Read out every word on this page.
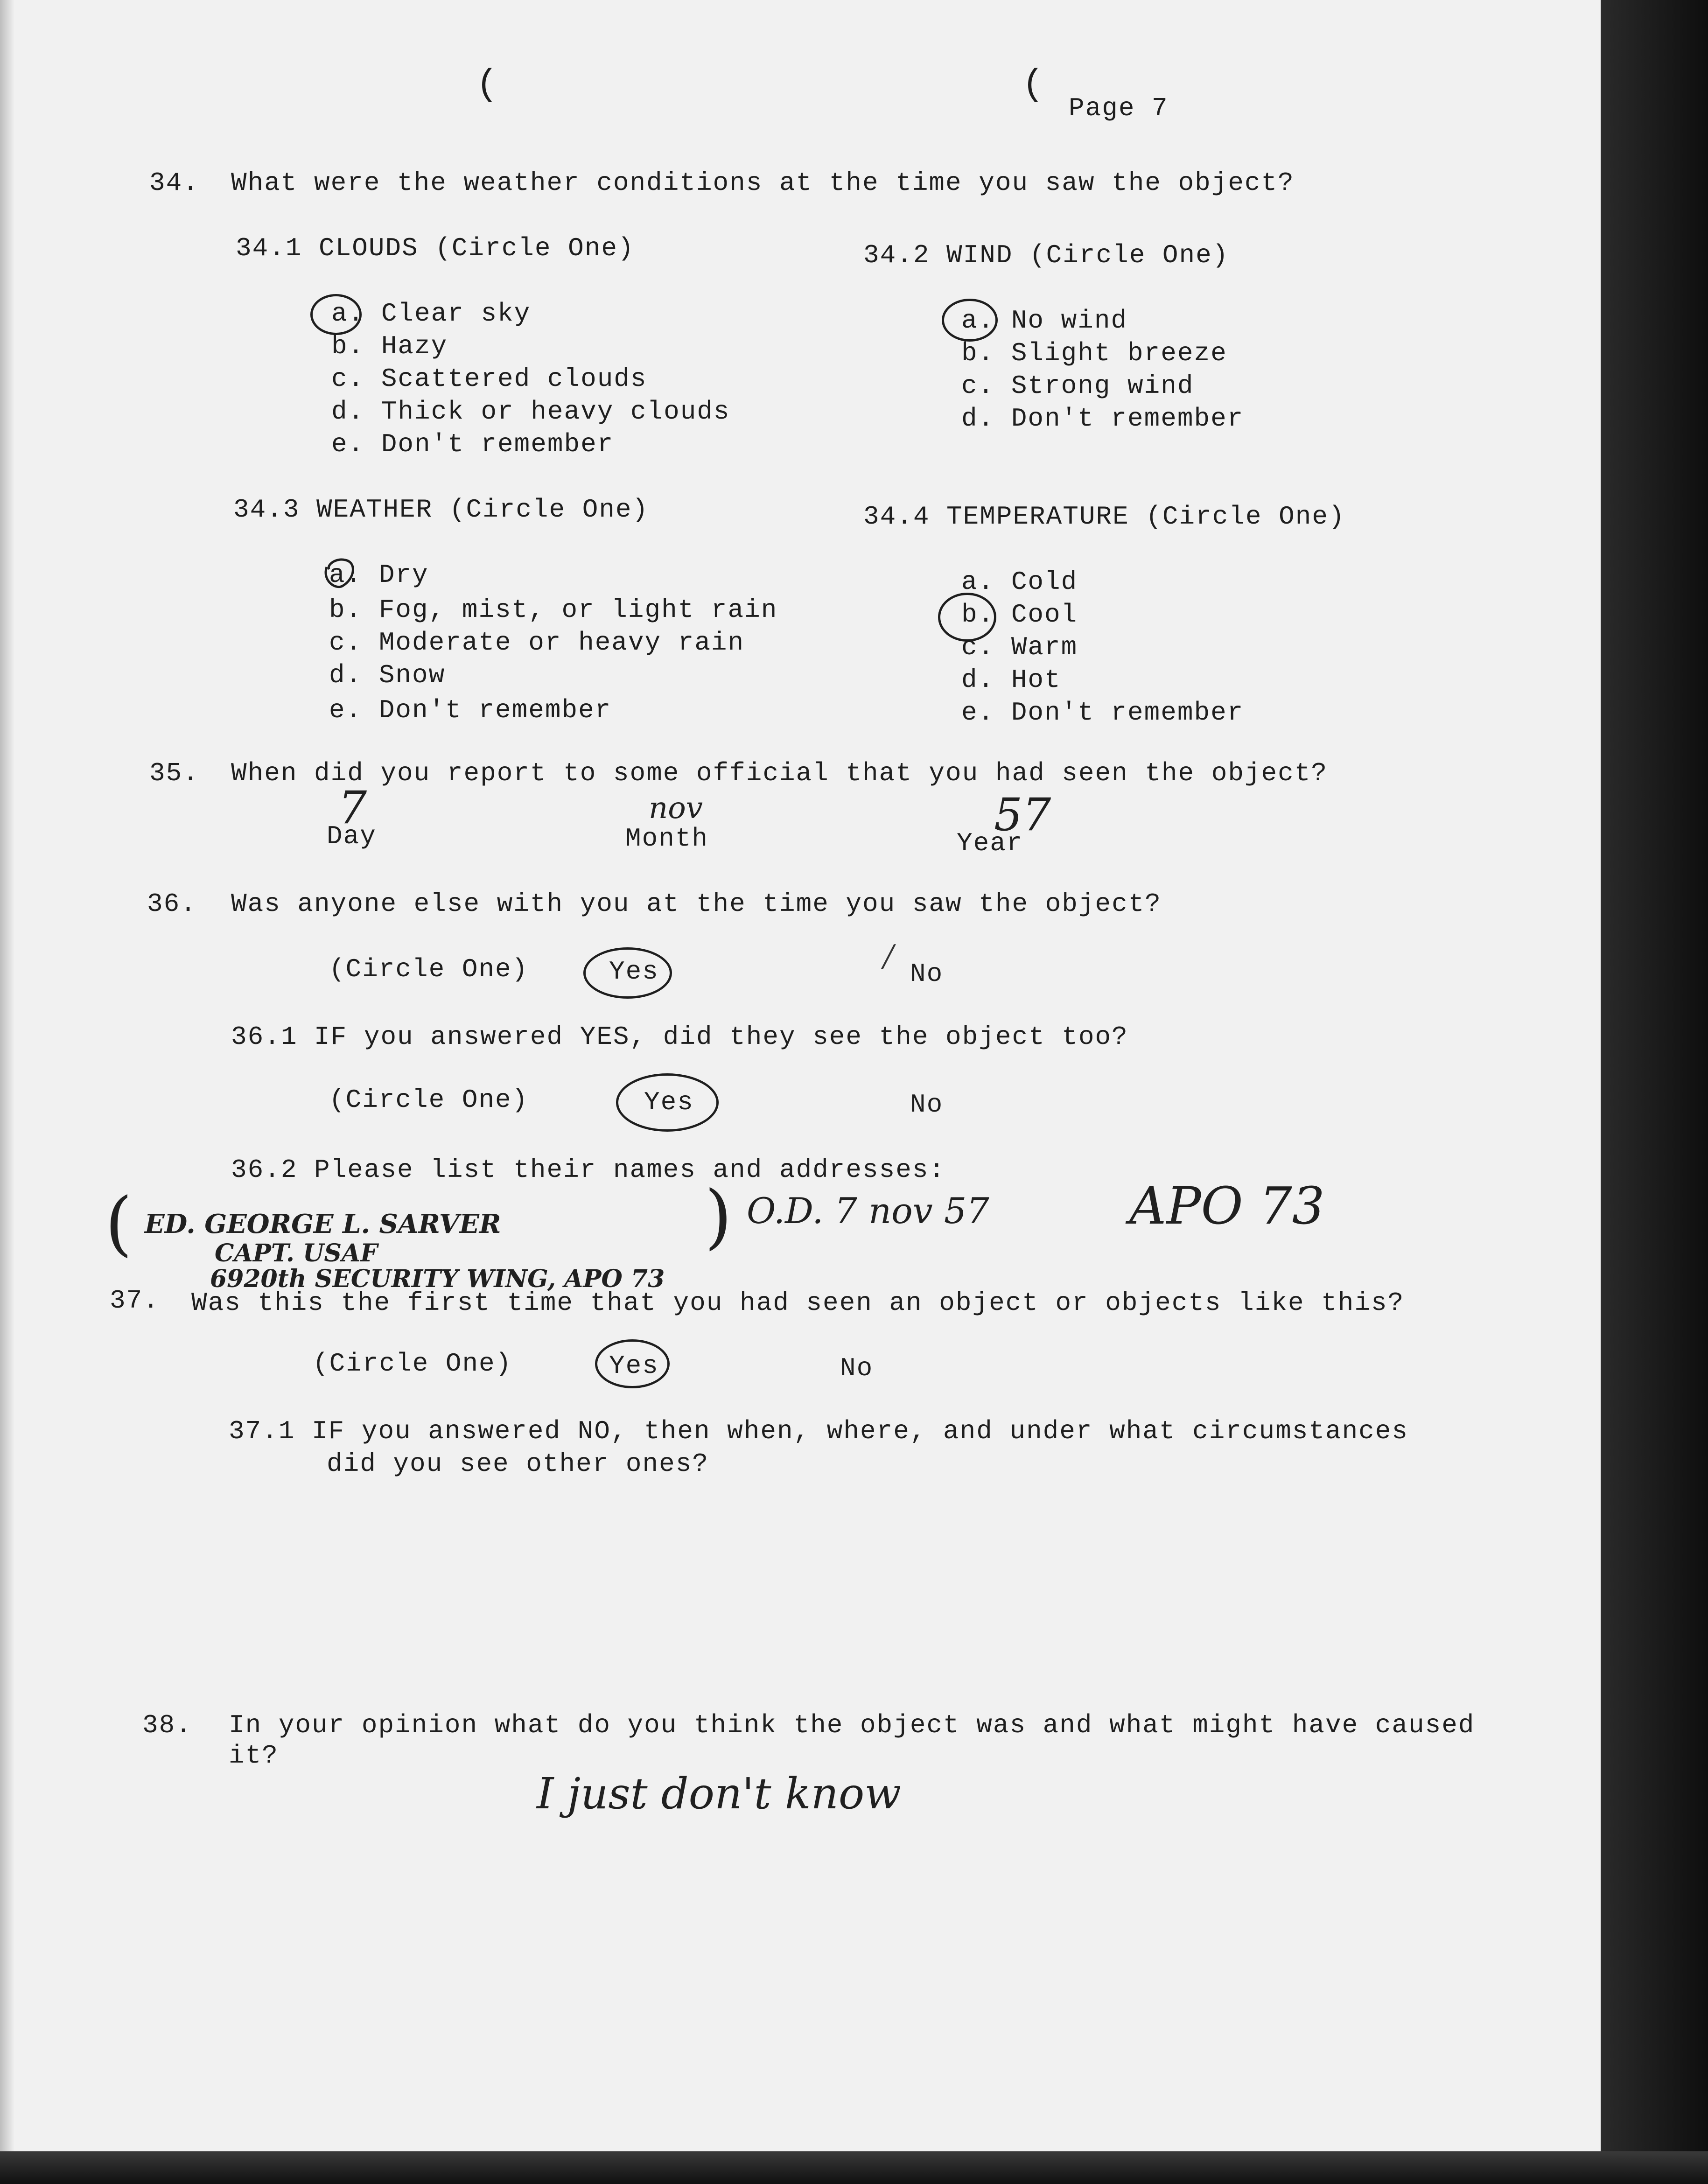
(	(
Page 7
34. What were the weather conditions at the time you saw the object?
34.1 CLOUDS (Circle One)
a. Clear sky
b. Hazy
c. Scattered clouds
d. Thick or heavy clouds
e. Don't remember
34.2 WIND (Circle One)
a. No wind
b. Slight breeze
c. Strong wind
d. Don't remember
34.3 WEATHER (Circle One)
a. Dry
b. Fog, mist, or light rain
c. Moderate or heavy rain
d. Snow
e. Don't remember
34.4 TEMPERATURE (Circle One)
a. Cold
b. Cool
c. Warm
d. Hot
e. Don't remember
35. When did you report to some official that you had seen the object?
7
Day
nov
Month	57
Year
36. Was anyone else with you at the time you saw the object?
(Circle One)	Yes	No
⁄
36.1 IF you answered YES, did they see the object too?
(Circle One)	Yes	No
36.2 Please list their names and addresses:
( ED. GEORGE L. SARVER
CAPT. USAF
6920th SECURITY WING, APO 73
) O.D. 7 nov 57	APO 73
37. Was this the first time that you had seen an object or objects like this?
(Circle One)	Yes	No
37.1 IF you answered NO, then when, where, and under what circumstances
did you see other ones?
38. In your opinion what do you think the object was and what might have caused
it?
I just don't know
